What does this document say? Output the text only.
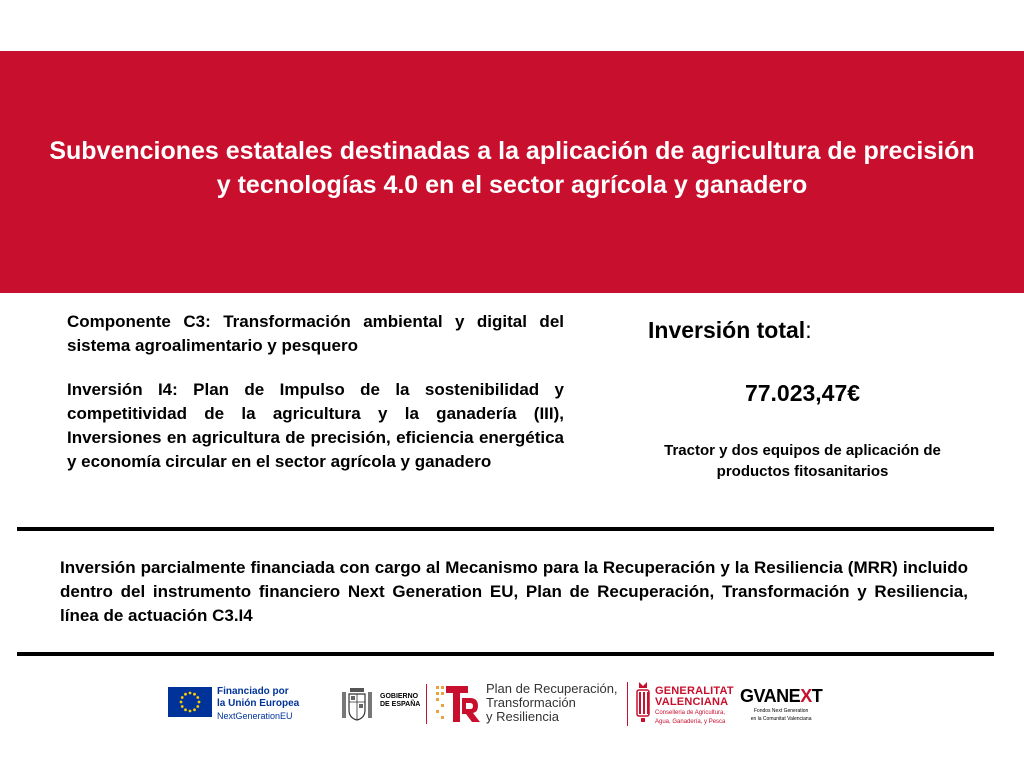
Subvenciones estatales destinadas a la aplicación de agricultura de precisión y tecnologías 4.0 en el sector agrícola y ganadero

Componente C3: Transformación ambiental y digital del sistema agroalimentario y pesquero

Inversión I4: Plan de Impulso de la sostenibilidad y competitividad de la agricultura y la ganadería (III), Inversiones en agricultura de precisión, eficiencia energética y economía circular en el sector agrícola y ganadero

Inversión total:
77.023,47€
Tractor y dos equipos de aplicación de productos fitosanitarios
Inversión parcialmente financiada con cargo al Mecanismo para la Recuperación y la Resiliencia (MRR) incluido dentro del instrumento financiero Next Generation EU, Plan de Recuperación, Transformación y Resiliencia, línea de actuación C3.I4
Financiado por
la Unión Europea
NextGenerationEU
GOBIERNO
DE ESPAÑA
Plan de Recuperación,
Transformación
y Resiliencia
GENERALITAT
VALENCIANA
Conselleria de Agricultura,
Agua, Ganadería, y Pesca
GVANEXT
Fondos Next Generation
en la Comunitat Valenciana
